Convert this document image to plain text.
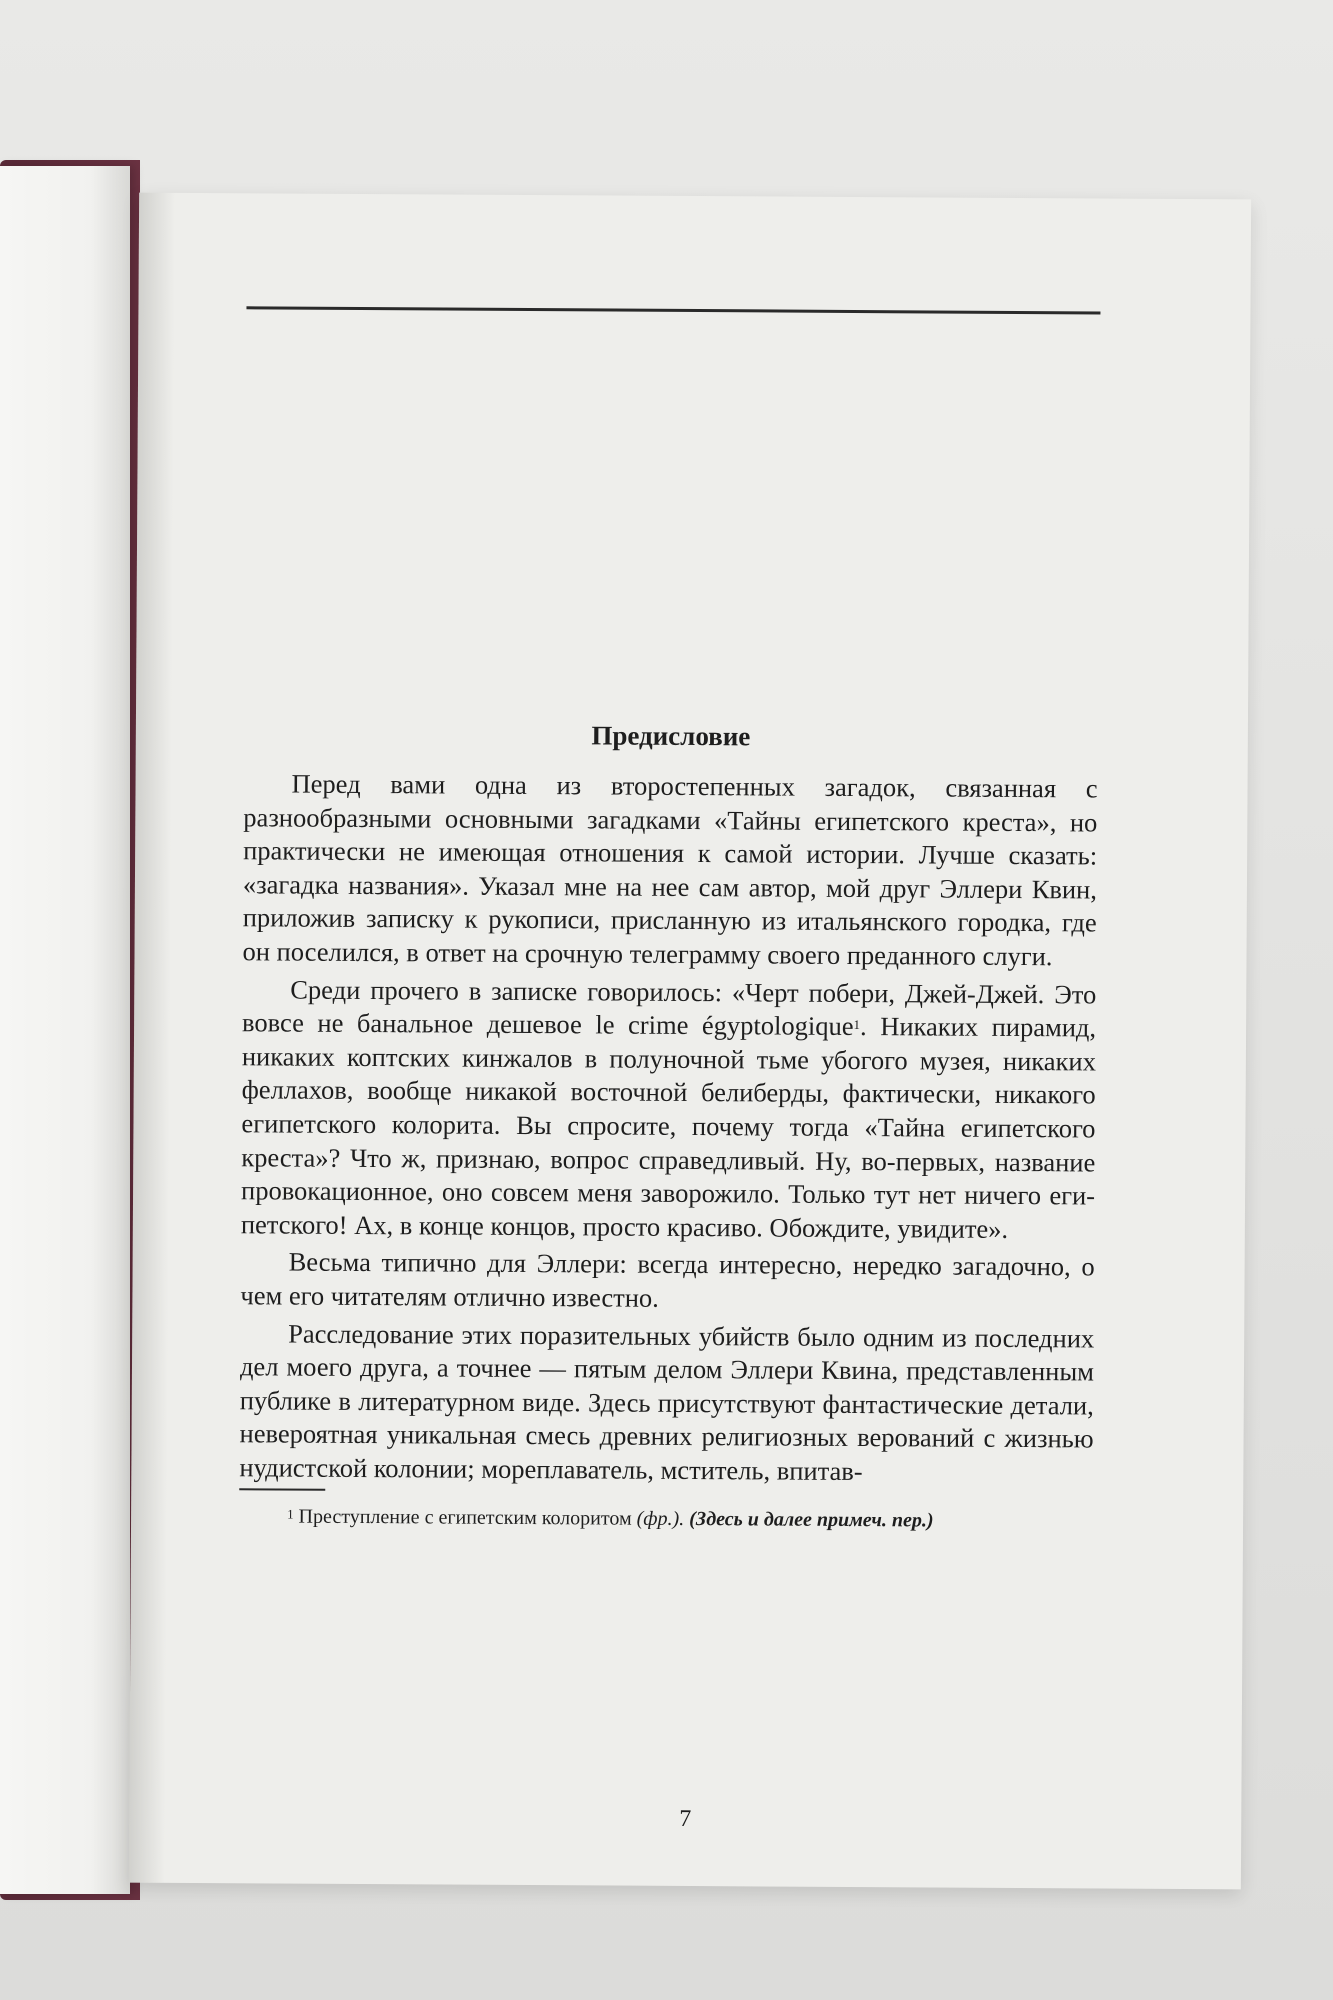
Предисловие

Перед вами одна из второстепенных загадок, связанная с разнообразными основными загадками «Тайны египетского креста», но практически не имеющая отношения к самой истории. Лучше сказать: «загадка названия». Указал мне на нее сам автор, мой друг Эллери Квин, приложив записку к рукописи, присланную из итальянского городка, где он поселился, в ответ на срочную телеграмму своего преданного слуги.

Среди прочего в записке говорилось: «Черт побери, Джей-Джей. Это вовсе не банальное дешевое le crime égyptologique$^1$. Никаких пирамид, никаких коптских кинжалов в полуночной тьме убогого музея, никаких феллахов, вообще никакой восточной белиберды, фактически, никакого египетского колорита. Вы спросите, почему тогда «Тайна египетского креста»? Что ж, признаю, вопрос справедливый. Ну, во-первых, название провокационное, оно совсем меня заворожило. Только тут нет ничего египетского! Ах, в конце концов, просто красиво. Обождите, увидите».

Весьма типично для Эллери: всегда интересно, нередко загадочно, о чем его читателям отлично известно.

Расследование этих поразительных убийств было одним из последних дел моего друга, а точнее — пятым делом Эллери Квина, представленным публике в литературном виде. Здесь присутствуют фантастические детали, невероятная уникальная смесь древних религиозных верований с жизнью нудистской колонии; мореплаватель, мститель, впитав-

$^1$ Преступление с египетским колоритом (фр.). (Здесь и далее примеч. пер.)

7
